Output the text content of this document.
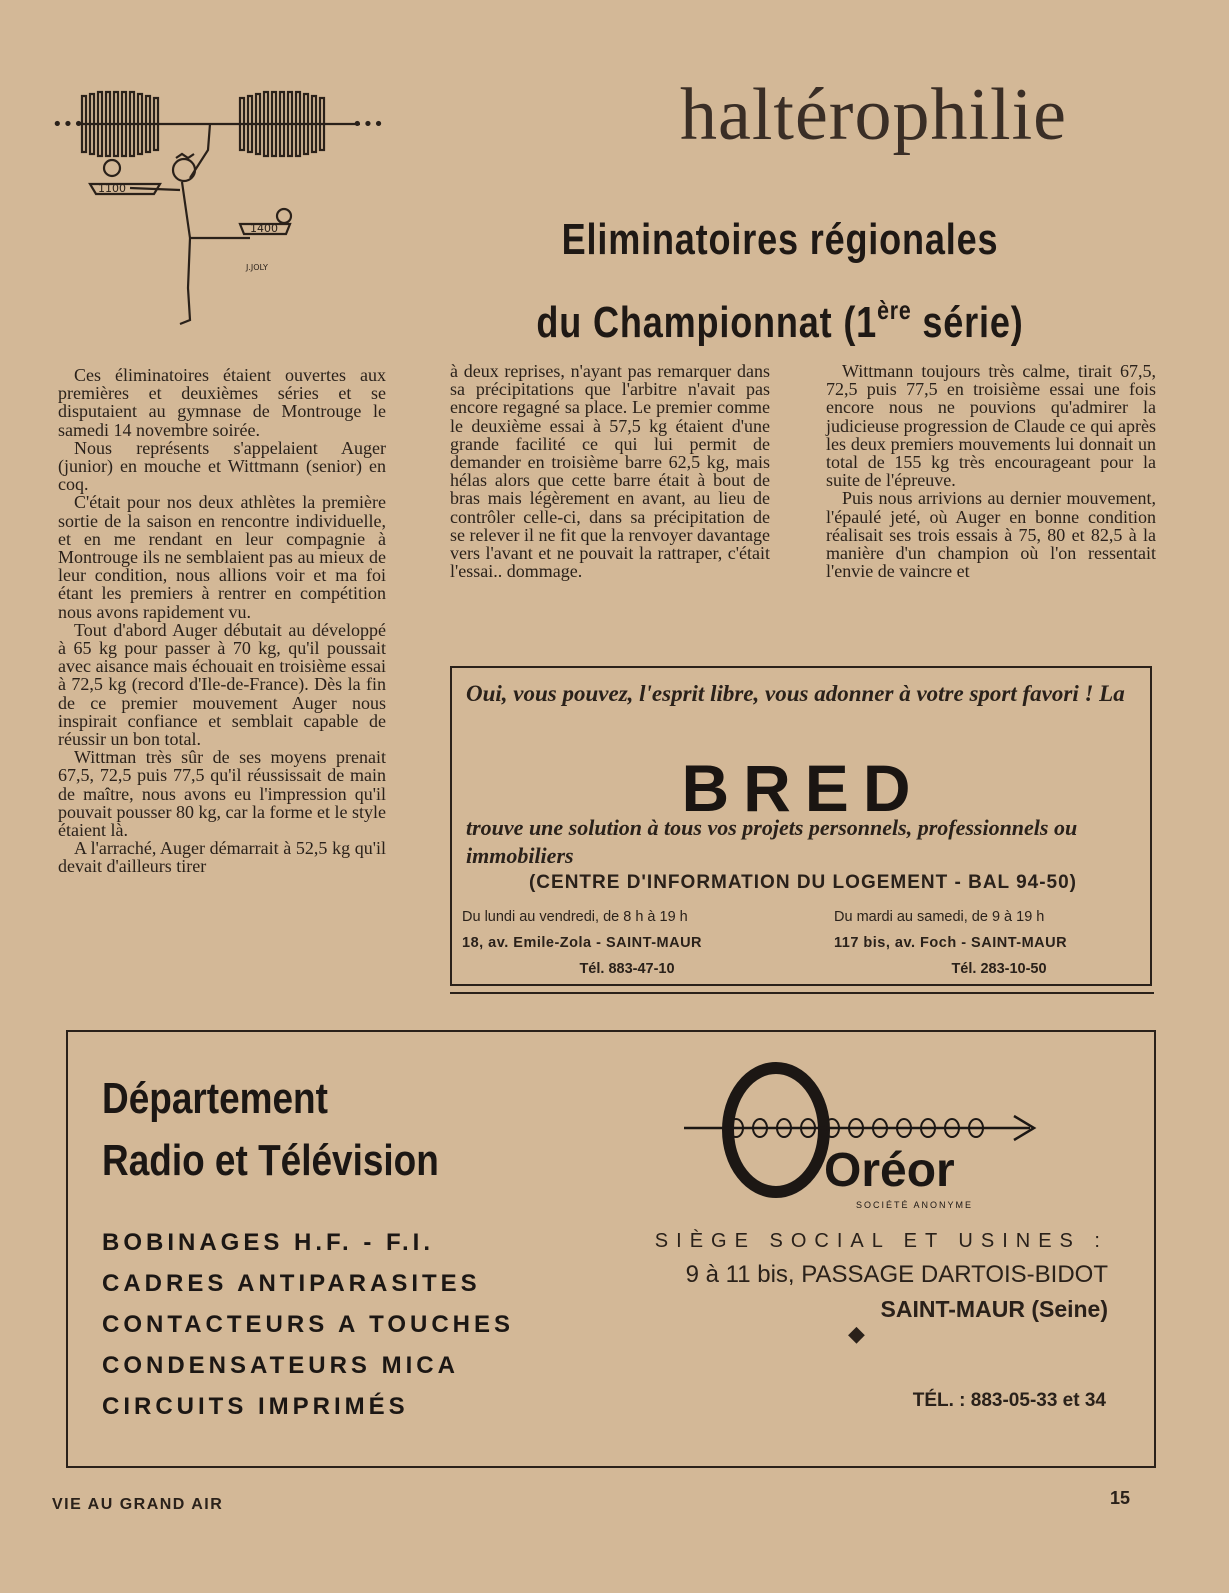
•••	•••
1100
1400
J.JOLY
haltérophilie
Eliminatoires régionales
du Championnat (1ère série)

Ces éliminatoires étaient ouvertes aux premières et deuxièmes séries et se disputaient au gymnase de Montrouge le samedi 14 novembre soirée.

Nous représents s'appelaient Auger (junior) en mouche et Wittmann (senior) en coq.

C'était pour nos deux athlètes la première sortie de la saison en rencontre individuelle, et en me rendant en leur compagnie à Montrouge ils ne semblaient pas au mieux de leur condition, nous allions voir et ma foi étant les premiers à rentrer en compétition nous avons rapidement vu.

Tout d'abord Auger débutait au développé à 65 kg pour passer à 70 kg, qu'il poussait avec aisance mais échouait en troisième essai à 72,5 kg (record d'Ile-de-France). Dès la fin de ce premier mouvement Auger nous inspirait confiance et semblait capable de réussir un bon total.

Wittman très sûr de ses moyens prenait 67,5, 72,5 puis 77,5 qu'il réussissait de main de maître, nous avons eu l'impression qu'il pouvait pousser 80 kg, car la forme et le style étaient là.

A l'arraché, Auger démarrait à 52,5 kg qu'il devait d'ailleurs tirer

à deux reprises, n'ayant pas remarquer dans sa précipitations que l'arbitre n'avait pas encore regagné sa place. Le premier comme le deuxième essai à 57,5 kg étaient d'une grande facilité ce qui lui permit de demander en troisième barre 62,5 kg, mais hélas alors que cette barre était à bout de bras mais légèrement en avant, au lieu de contrôler celle-ci, dans sa précipitation de se relever il ne fit que la renvoyer davantage vers l'avant et ne pouvait la rattraper, c'était l'essai.. dommage.

Wittmann toujours très calme, tirait 67,5, 72,5 puis 77,5 en troisième essai une fois encore nous ne pouvions qu'admirer la judicieuse progression de Claude ce qui après les deux premiers mouvements lui donnait un total de 155 kg très encourageant pour la suite de l'épreuve.

Puis nous arrivions au dernier mouvement, l'épaulé jeté, où Auger en bonne condition réalisait ses trois essais à 75, 80 et 82,5 à la manière d'un champion où l'on ressentait l'envie de vaincre et

Oui, vous pouvez, l'esprit libre, vous adonner à votre sport favori ! La
BRED
trouve une solution à tous vos projets personnels, professionnels ou immobiliers
(CENTRE D'INFORMATION DU LOGEMENT - BAL 94-50)
Du lundi au vendredi, de 8 h à 19 h
18, av. Emile-Zola - SAINT-MAUR
Tél. 883-47-10
Du mardi au samedi, de 9 à 19 h
117 bis, av. Foch - SAINT-MAUR
Tél. 283-10-50
Département
Radio et Télévision
BOBINAGES H.F. - F.I.
CADRES ANTIPARASITES
CONTACTEURS A TOUCHES
CONDENSATEURS MICA
CIRCUITS IMPRIMÉS
Oréor
SOCIÉTÉ ANONYME
SIÈGE SOCIAL ET USINES :
9 à 11 bis, PASSAGE DARTOIS-BIDOT
SAINT-MAUR (Seine)
◆
TÉL. : 883-05-33 et 34
VIE AU GRAND AIR	15
